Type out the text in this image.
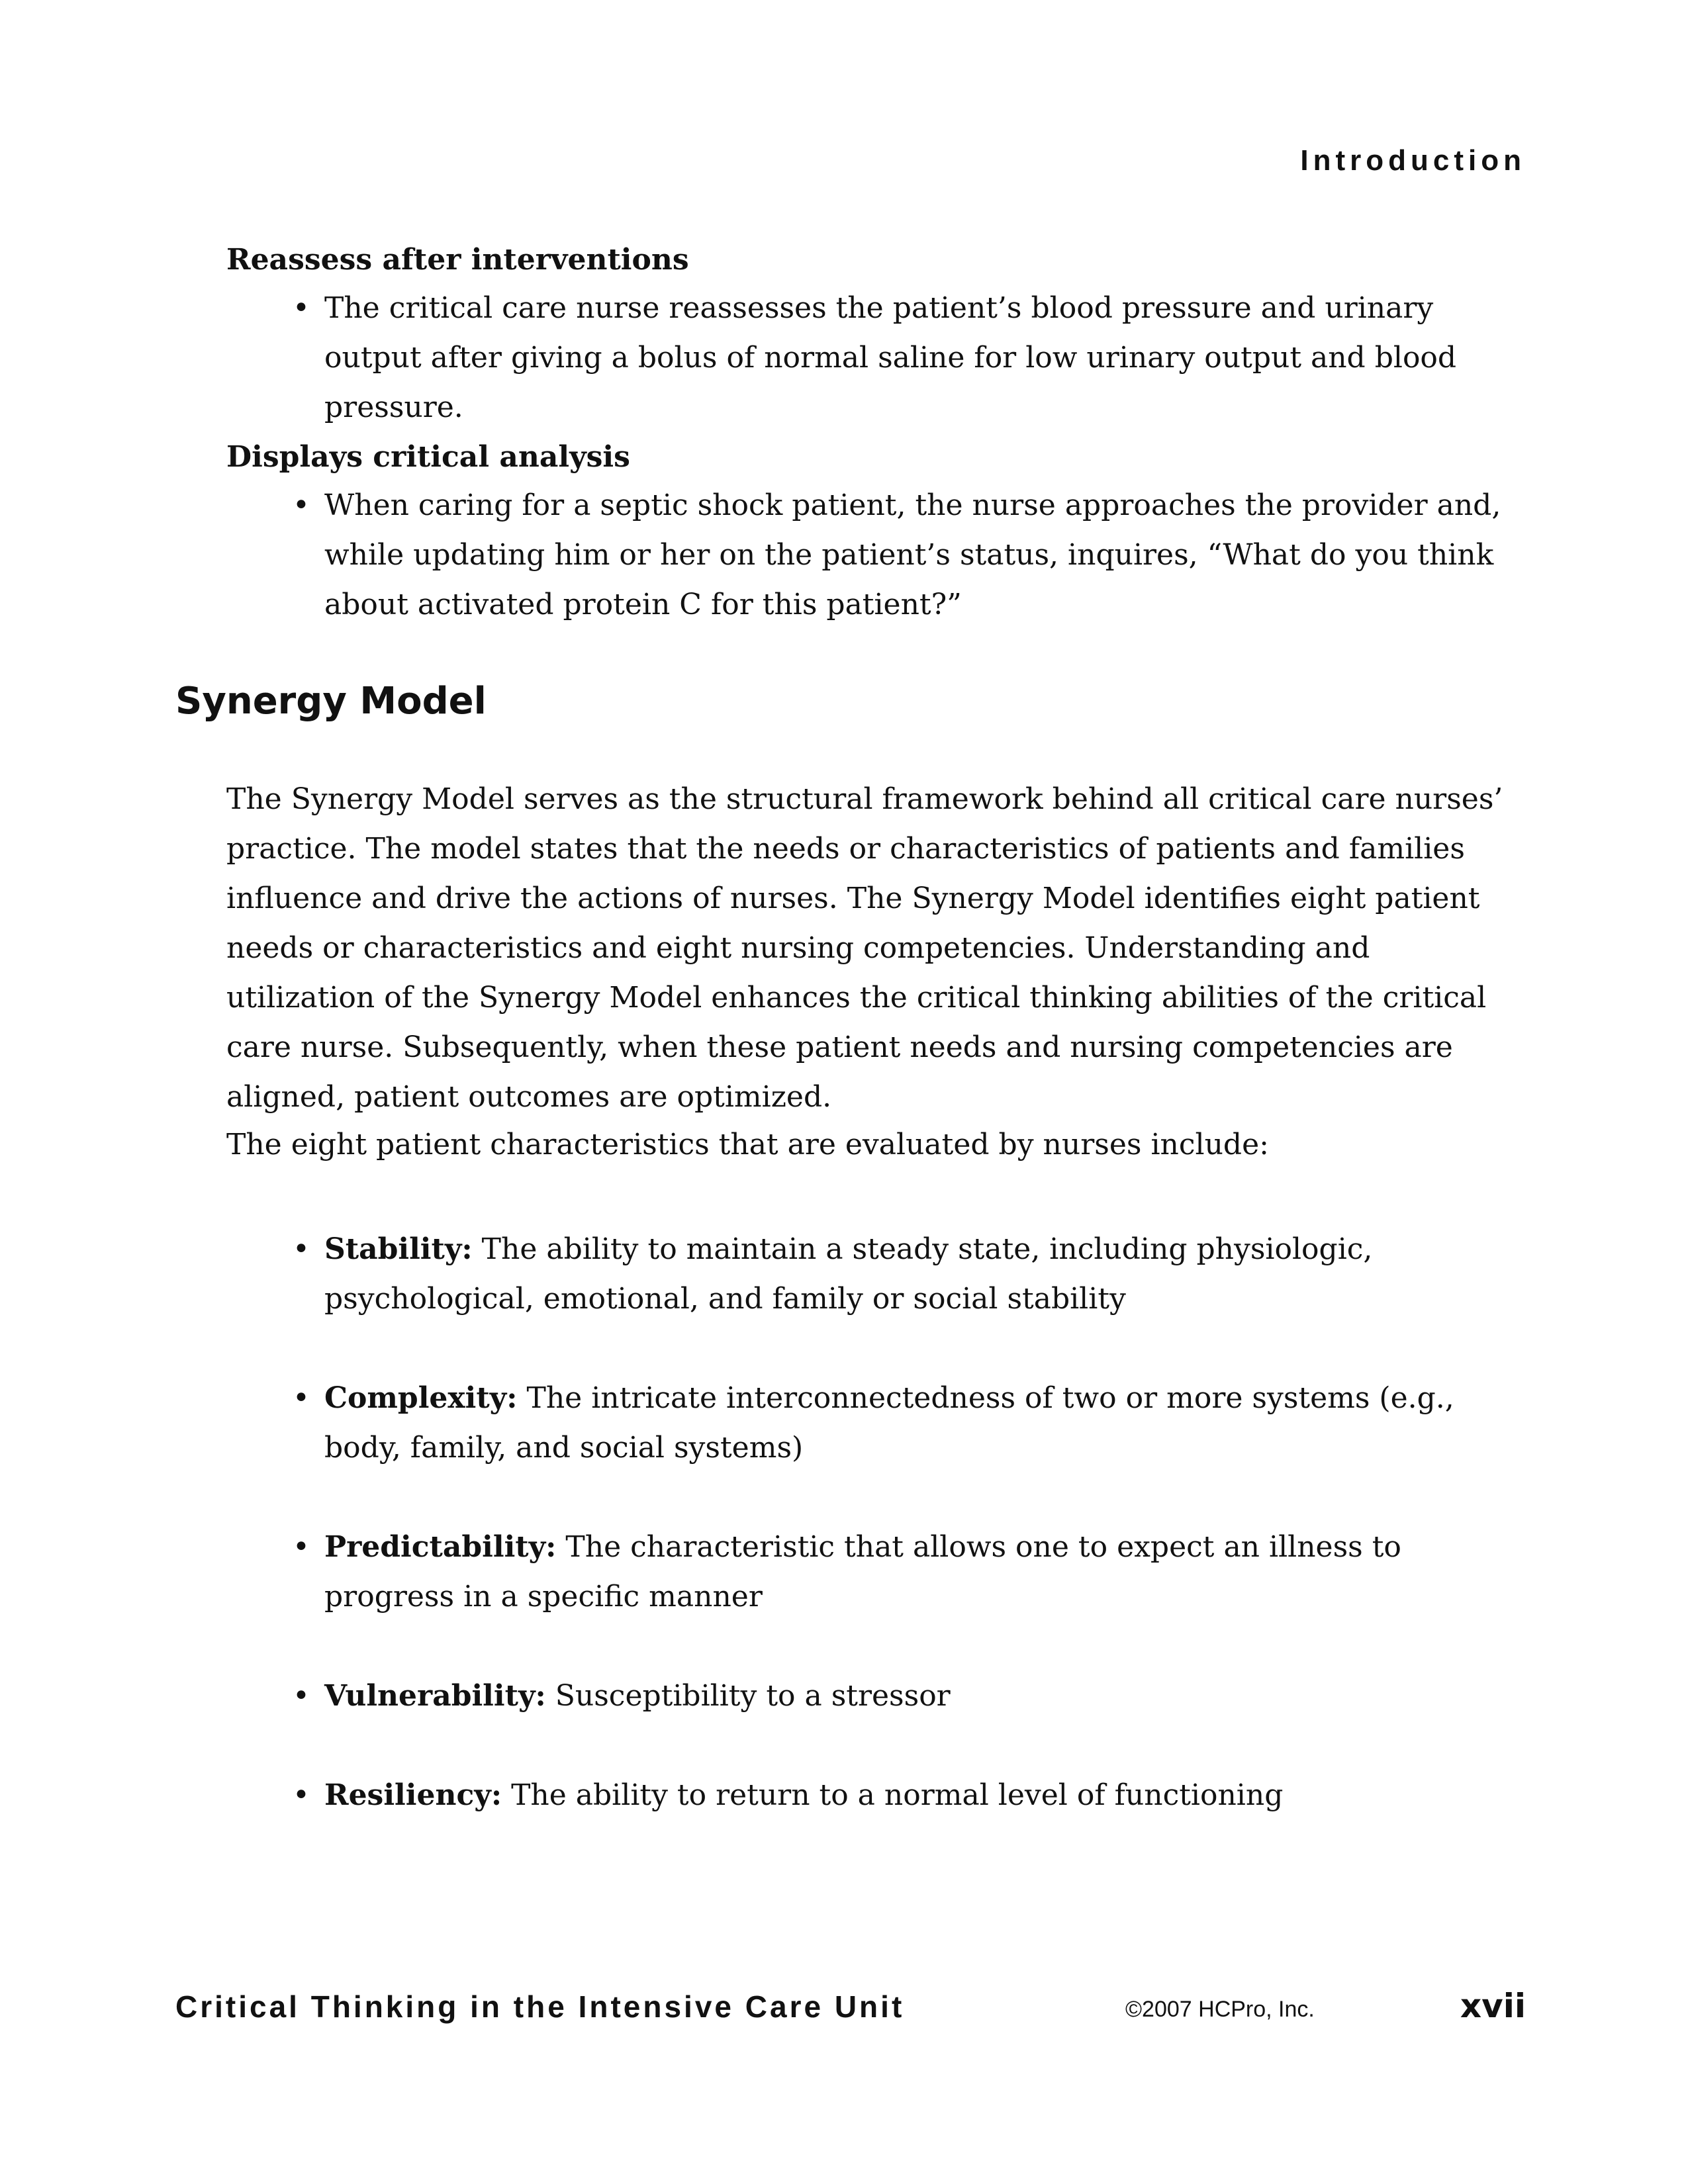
Introduction
Reassess after interventions
• The critical care nurse reassesses the patient’s blood pressure and urinary output after giving a bolus of normal saline for low urinary output and blood pressure.
Displays critical analysis
• When caring for a septic shock patient, the nurse approaches the provider and, while updating him or her on the patient’s status, inquires, “What do you think about activated protein C for this patient?”
Synergy Model
The Synergy Model serves as the structural framework behind all critical care nurses’ practice. The model states that the needs or characteristics of patients and families influence and drive the actions of nurses. The Synergy Model identifies eight patient needs or characteristics and eight nursing competencies. Understanding and utilization of the Synergy Model enhances the critical thinking abilities of the critical care nurse. Subsequently, when these patient needs and nursing competencies are aligned, patient outcomes are optimized.
The eight patient characteristics that are evaluated by nurses include:
• Stability: The ability to maintain a steady state, including physiologic, psychological, emotional, and family or social stability
• Complexity: The intricate interconnectedness of two or more systems (e.g., body, family, and social systems)
• Predictability: The characteristic that allows one to expect an illness to progress in a specific manner
• Vulnerability: Susceptibility to a stressor
• Resiliency: The ability to return to a normal level of functioning
Critical Thinking in the Intensive Care Unit	©2007 HCPro, Inc.	xvii
